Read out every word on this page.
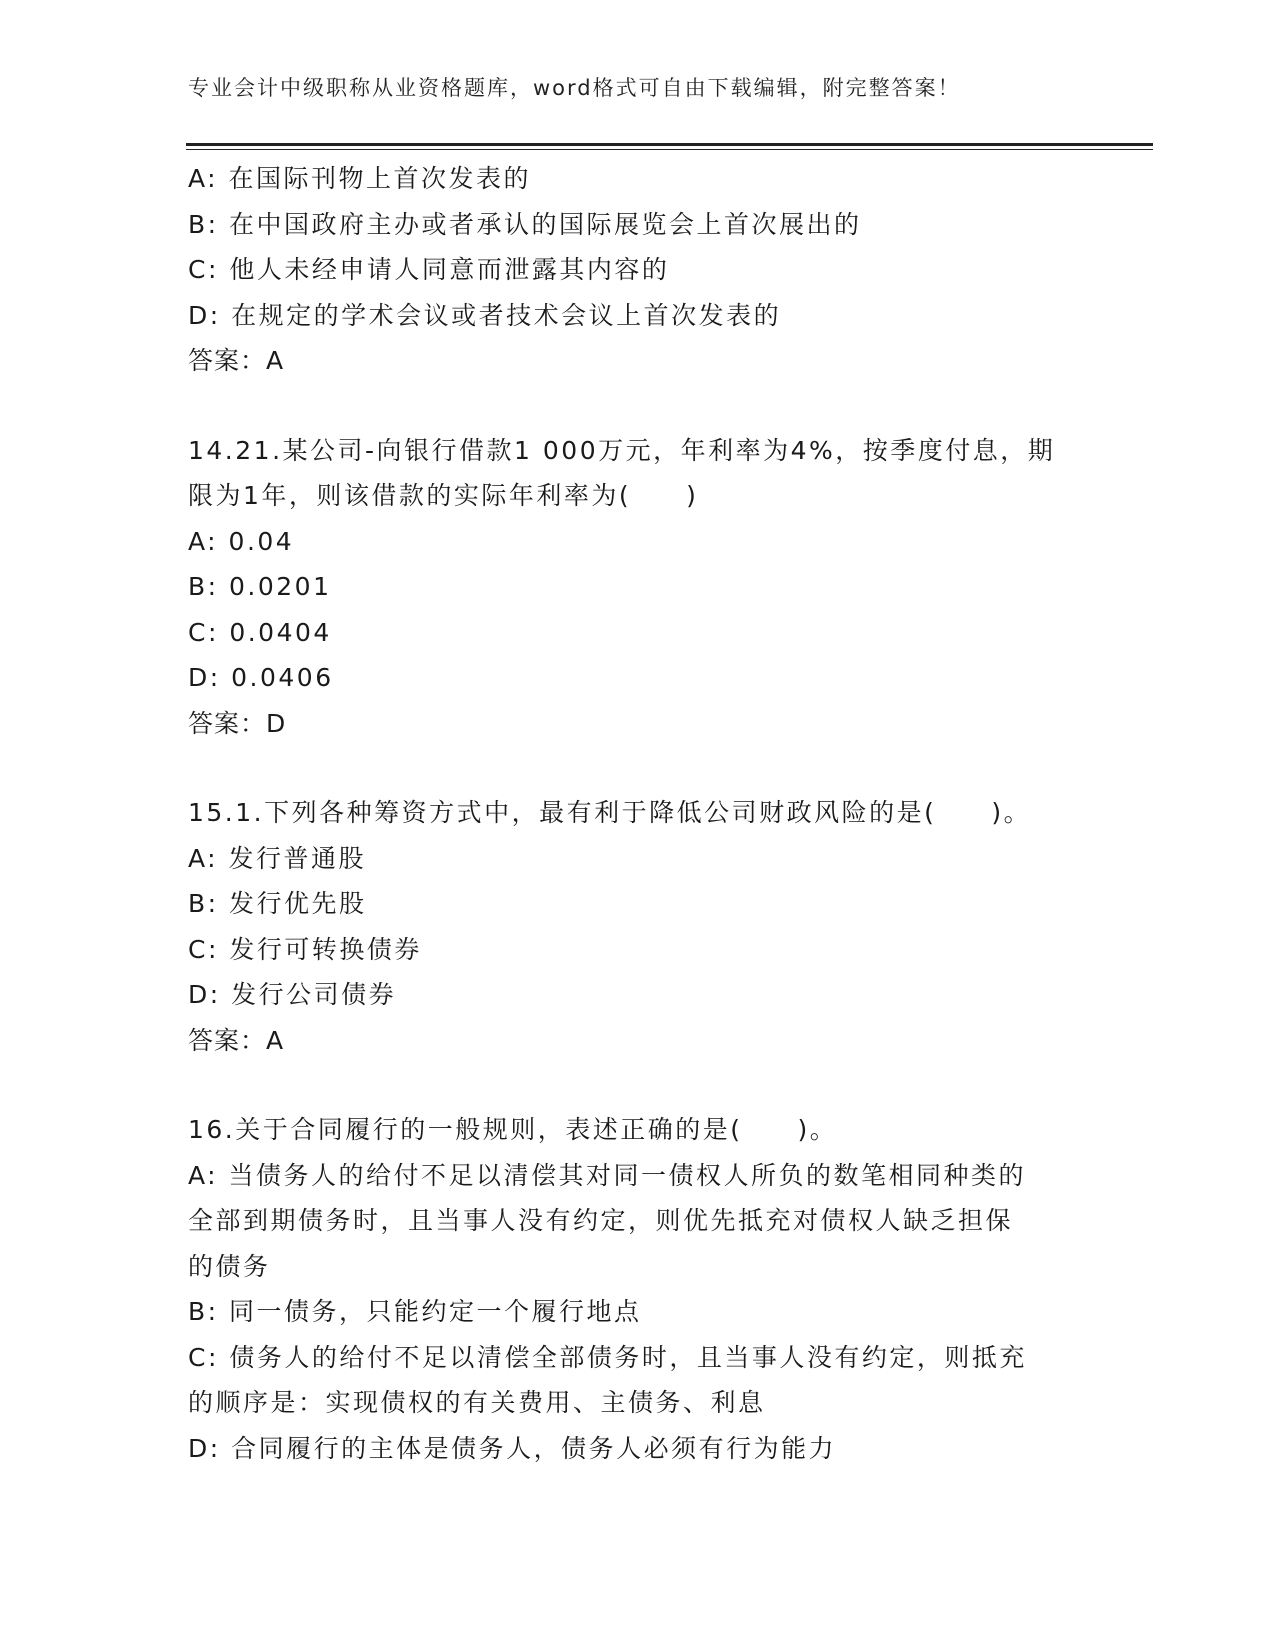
专业会计中级职称从业资格题库，word格式可自由下载编辑，附完整答案！
A: 在国际刊物上首次发表的
B: 在中国政府主办或者承认的国际展览会上首次展出的
C: 他人未经申请人同意而泄露其内容的
D: 在规定的学术会议或者技术会议上首次发表的
答案：A
14.21.某公司-向银行借款1 000万元，年利率为4%，按季度付息，期
限为1年，则该借款的实际年利率为(　　)
A: 0.04
B: 0.0201
C: 0.0404
D: 0.0406
答案：D
15.1.下列各种筹资方式中，最有利于降低公司财政风险的是(　　)。
A: 发行普通股
B: 发行优先股
C: 发行可转换债券
D: 发行公司债券
答案：A
16.关于合同履行的一般规则，表述正确的是(　　)。
A: 当债务人的给付不足以清偿其对同一债权人所负的数笔相同种类的
全部到期债务时，且当事人没有约定，则优先抵充对债权人缺乏担保
的债务
B: 同一债务，只能约定一个履行地点
C: 债务人的给付不足以清偿全部债务时，且当事人没有约定，则抵充
的顺序是：实现债权的有关费用、主债务、利息
D: 合同履行的主体是债务人，债务人必须有行为能力
